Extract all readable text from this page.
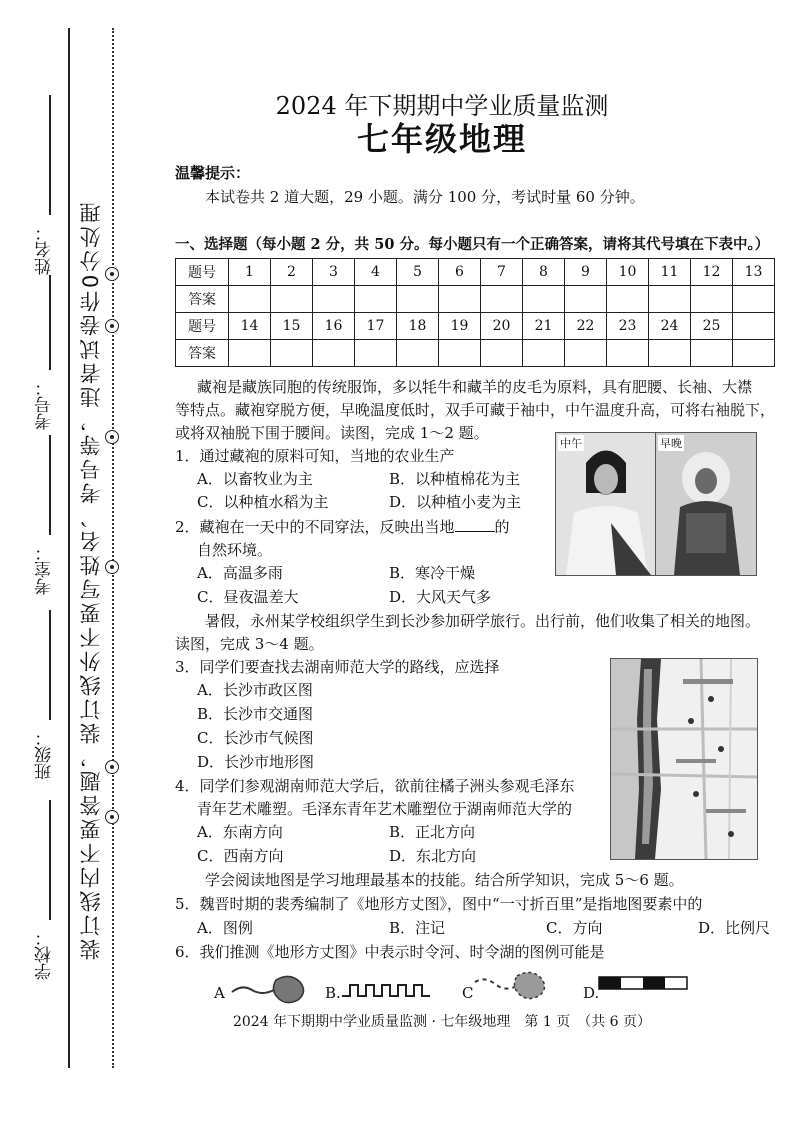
学校：
班级：
考室：
考号：
姓名： 装订线内不要答题，装订线外不要写姓名、考号等，违者试卷作0分处理
2024 年下期期中学业质量监测
七年级地理
温馨提示：
本试卷共 2 道大题，29 小题。满分 100 分，考试时量 60 分钟。
一、选择题（每小题 2 分，共 50 分。每小题只有一个正确答案，请将其代号填在下表中。）
题号	1	2	3	4	5	6	7	8	9	10	11	12	13
答案													
题号	14	15	16	17	18	19	20	21	22	23	24	25	
答案													
藏袍是藏族同胞的传统服饰，多以牦牛和藏羊的皮毛为原料，具有肥腰、长袖、大襟
等特点。藏袍穿脱方便，早晚温度低时，双手可藏于袖中，中午温度升高，可将右袖脱下，
或将双袖脱下围于腰间。读图，完成 1～2 题。
中午	早晚
1．通过藏袍的原料可知，当地的农业生产
A．以畜牧业为主	B．以种植棉花为主
C．以种植水稻为主	D．以种植小麦为主
2．藏袍在一天中的不同穿法，反映出当地	的
自然环境。
A．高温多雨	B．寒冷干燥
C．昼夜温差大	D．大风天气多
暑假，永州某学校组织学生到长沙参加研学旅行。出行前，他们收集了相关的地图。
读图，完成 3～4 题。
3．同学们要查找去湖南师范大学的路线，应选择
A．长沙市政区图
B．长沙市交通图
C．长沙市气候图
D．长沙市地形图
4．同学们参观湖南师范大学后，欲前往橘子洲头参观毛泽东
青年艺术雕塑。毛泽东青年艺术雕塑位于湖南师范大学的
A．东南方向	B．正北方向
C．西南方向	D．东北方向
学会阅读地图是学习地理最基本的技能。结合所学知识，完成 5～6 题。
5．魏晋时期的裴秀编制了《地形方丈图》，图中“一寸折百里”是指地图要素中的
A．图例	B．注记	C．方向	D．比例尺
6．我们推测《地形方丈图》中表示时令河、时令湖的图例可能是
A	B.	C	D.
2024 年下期期中学业质量监测 · 七年级地理　第 1 页　（共 6 页）
